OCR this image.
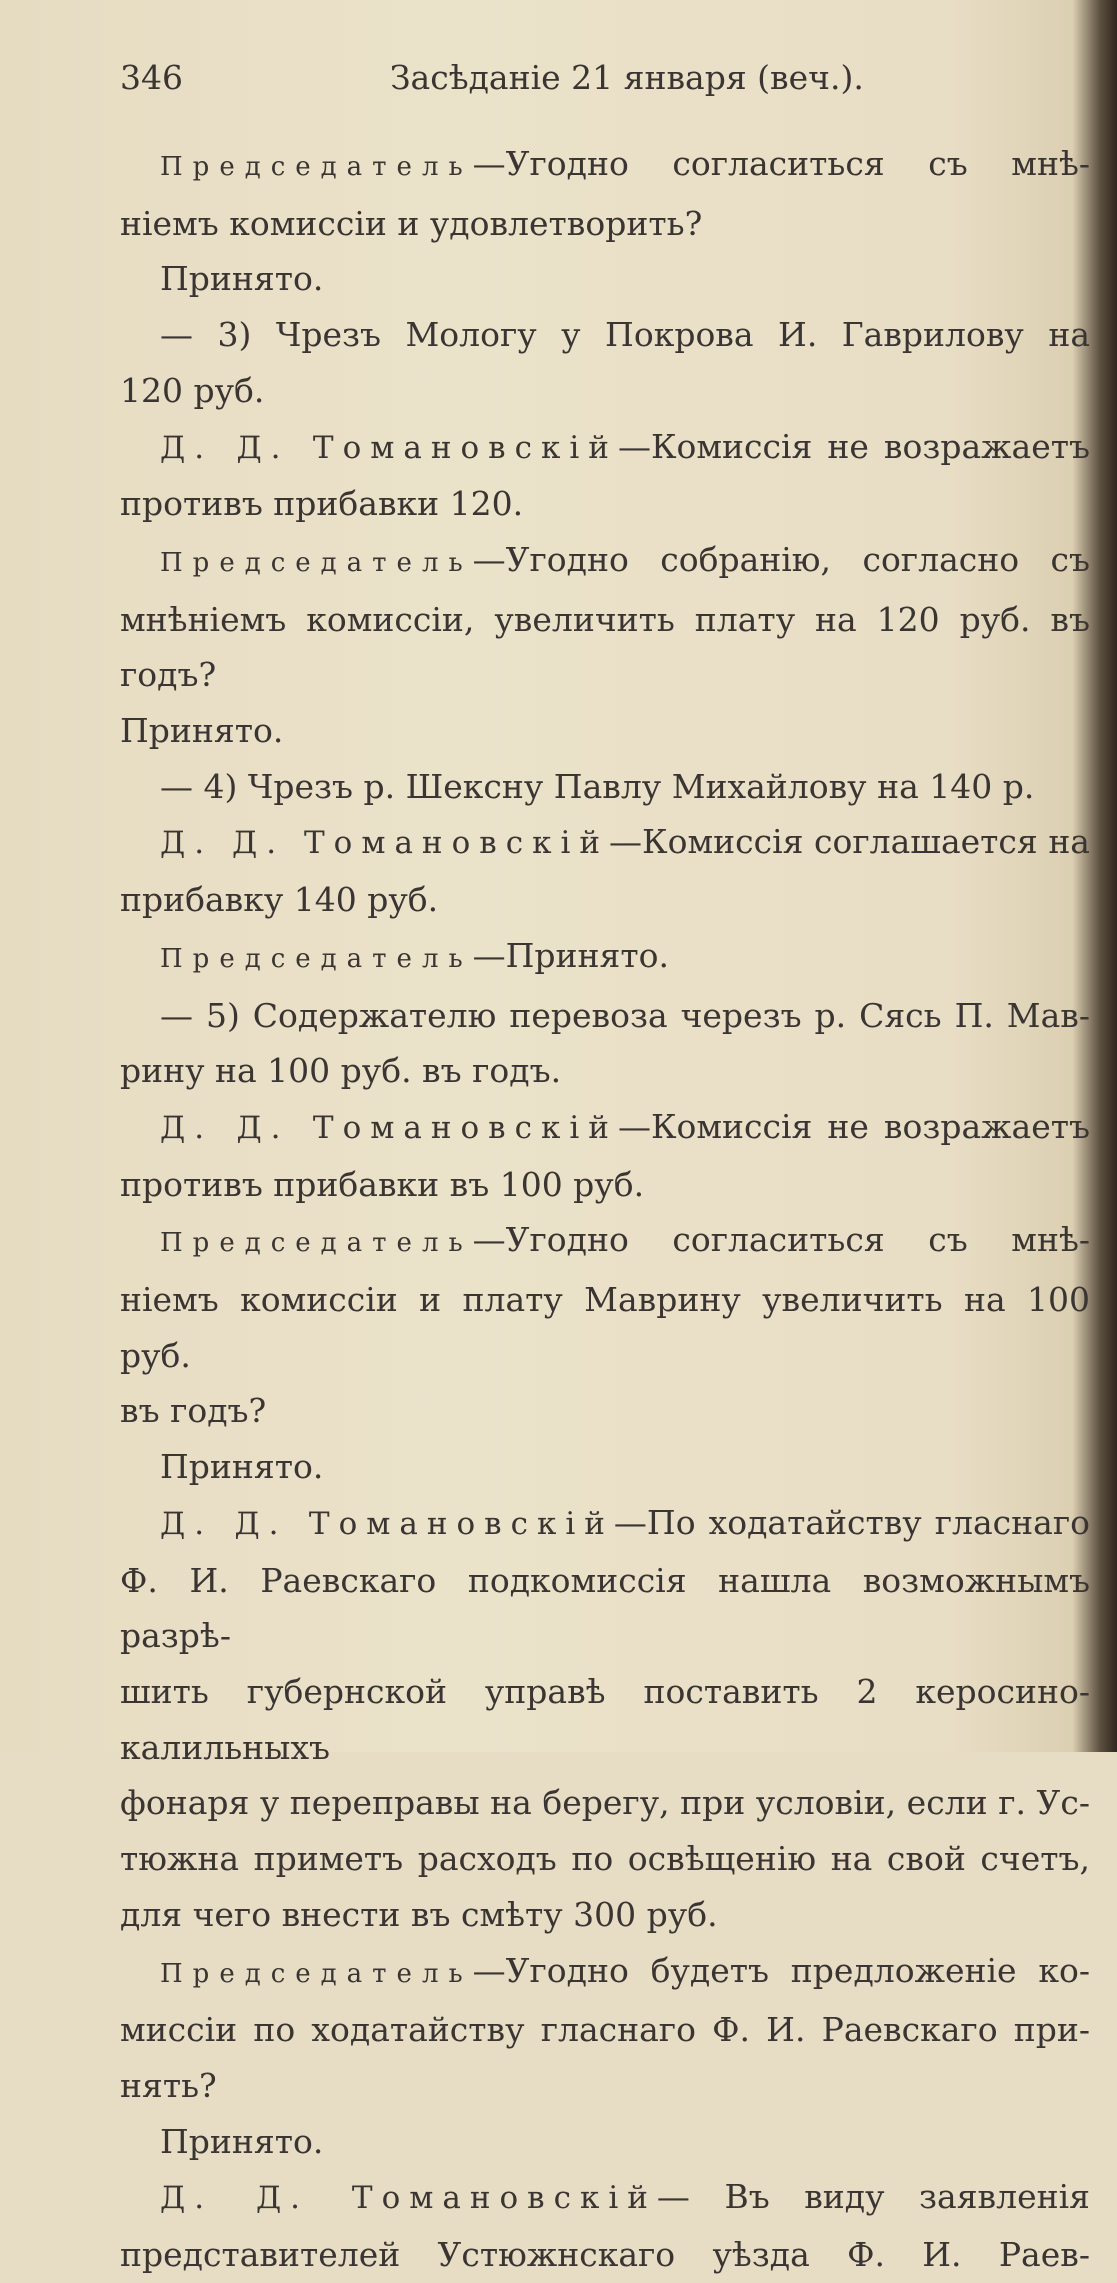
346	Засѣданіе 21 января (веч.).
Председатель—Угодно согласиться съ мнѣ-
ніемъ комиссіи и удовлетворить?
Принято.
— 3) Чрезъ Мологу у Покрова И. Гаврилову на
120 руб.
Д. Д. Томановскій—Комиссія не возражаетъ
противъ прибавки 120.
Председатель—Угодно собранію, согласно съ
мнѣніемъ комиссіи, увеличить плату на 120 руб. въ годъ?
Принято.
— 4) Чрезъ р. Шексну Павлу Михайлову на 140 р.
Д. Д. Томановскій—Комиссія соглашается на
прибавку 140 руб.
Председатель—Принято.
— 5) Содержателю перевоза черезъ р. Сясь П. Мав-
рину на 100 руб. въ годъ.
Д. Д. Томановскій—Комиссія не возражаетъ
противъ прибавки въ 100 руб.
Председатель—Угодно согласиться съ мнѣ-
ніемъ комиссіи и плату Маврину увеличить на 100 руб.
въ годъ?
Принято.
Д. Д. Томановскій—По ходатайству гласнаго
Ф. И. Раевскаго подкомиссія нашла возможнымъ разрѣ-
шить губернской управѣ поставить 2 керосино-калильныхъ
фонаря у переправы на берегу, при условіи, если г. Ус-
тюжна приметъ расходъ по освѣщенію на свой счетъ,
для чего внести въ смѣту 300 руб.
Председатель—Угодно будетъ предложеніе ко-
миссіи по ходатайству гласнаго Ф. И. Раевскаго при-
нять?
Принято.
Д. Д. Томановскій— Въ виду заявленія
представителей Устюжнскаго уѣзда Ф. И. Раев-
